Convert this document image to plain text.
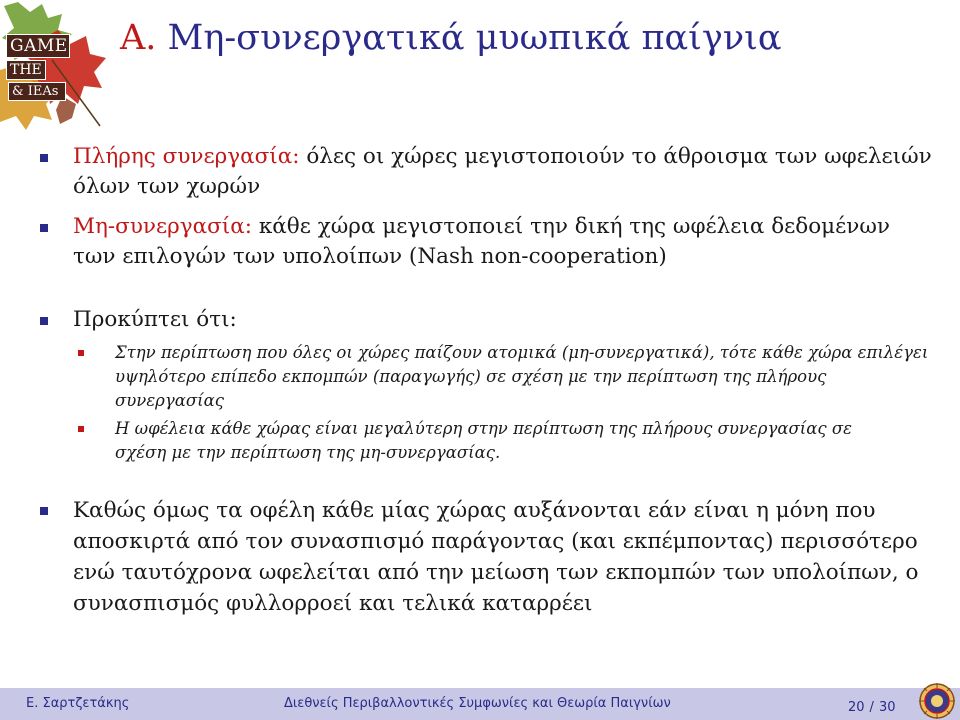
GAME
THE
& IEAs
A. Μη-συνεργατικά μυωπικά παίγνια
Πλήρης συνεργασία: όλες οι χώρες μεγιστοποιούν το άθροισμα των ωφελειών όλων των χωρών
Μη-συνεργασία: κάθε χώρα μεγιστοποιεί την δική της ωφέλεια δεδομένων των επιλογών των υπολοίπων (Nash non-cooperation)
Προκύπτει ότι:
Στην περίπτωση που όλες οι χώρες παίζουν ατομικά (μη-συνεργατικά), τότε κάθε χώρα επιλέγει υψηλότερο επίπεδο εκπομπών (παραγωγής) σε σχέση με την περίπτωση της πλήρους συνεργασίας
Η ωφέλεια κάθε χώρας είναι μεγαλύτερη στην περίπτωση της πλήρους συνεργασίας σε σχέση με την περίπτωση της μη-συνεργασίας.
Καθώς όμως τα οφέλη κάθε μίας χώρας αυξάνονται εάν είναι η μόνη που αποσκιρτά από τον συνασπισμό παράγοντας (και εκπέμποντας) περισσότερο ενώ ταυτόχρονα ωφελείται από την μείωση των εκπομπών των υπολοίπων, ο συνασπισμός φυλλορροεί και τελικά καταρρέει
Ε. Σαρτζετάκης	Διεθνείς Περιβαλλοντικές Συμφωνίες και Θεωρία Παιγνίων	20 / 30
